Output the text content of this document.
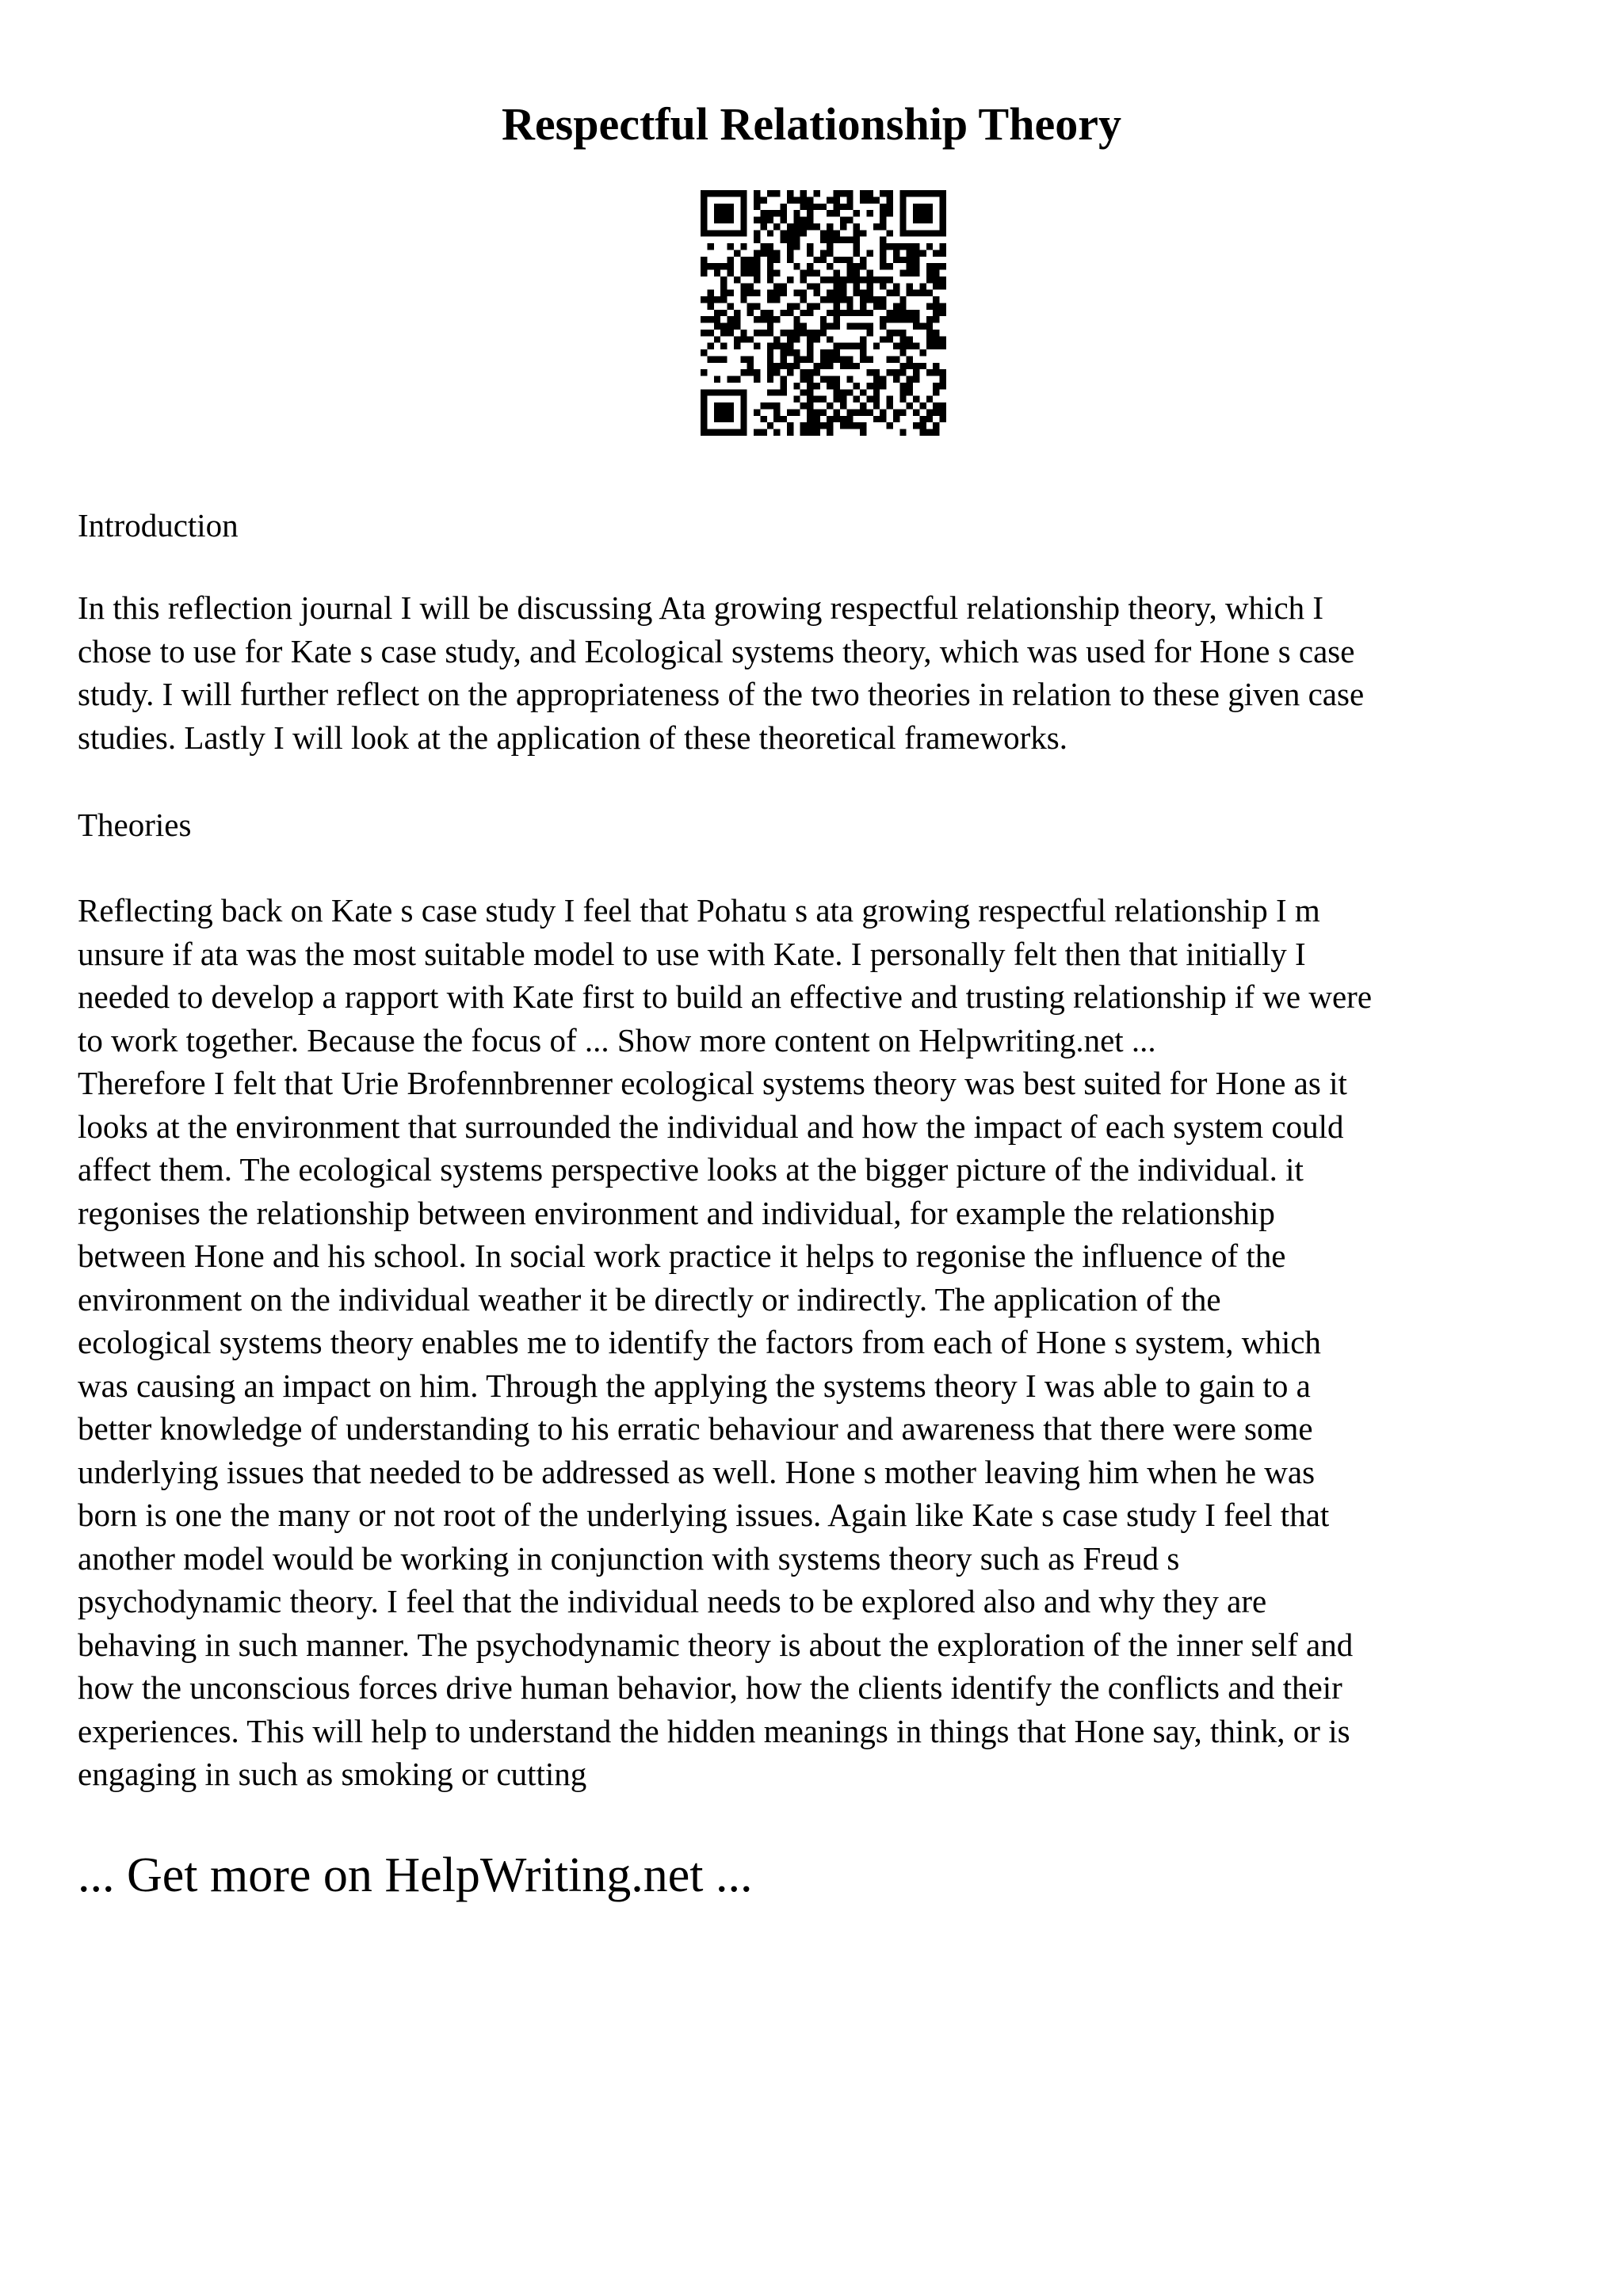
Respectful Relationship Theory

Introduction

In this reflection journal I will be discussing Ata growing respectful relationship theory, which I
chose to use for Kate s case study, and Ecological systems theory, which was used for Hone s case
study. I will further reflect on the appropriateness of the two theories in relation to these given case
studies. Lastly I will look at the application of these theoretical frameworks.

Theories

Reflecting back on Kate s case study I feel that Pohatu s ata growing respectful relationship I m
unsure if ata was the most suitable model to use with Kate. I personally felt then that initially I
needed to develop a rapport with Kate first to build an effective and trusting relationship if we were
to work together. Because the focus of ... Show more content on Helpwriting.net ...
Therefore I felt that Urie Brofennbrenner ecological systems theory was best suited for Hone as it
looks at the environment that surrounded the individual and how the impact of each system could
affect them. The ecological systems perspective looks at the bigger picture of the individual. it
regonises the relationship between environment and individual, for example the relationship
between Hone and his school. In social work practice it helps to regonise the influence of the
environment on the individual weather it be directly or indirectly. The application of the
ecological systems theory enables me to identify the factors from each of Hone s system, which
was causing an impact on him. Through the applying the systems theory I was able to gain to a
better knowledge of understanding to his erratic behaviour and awareness that there were some
underlying issues that needed to be addressed as well. Hone s mother leaving him when he was
born is one the many or not root of the underlying issues. Again like Kate s case study I feel that
another model would be working in conjunction with systems theory such as Freud s
psychodynamic theory. I feel that the individual needs to be explored also and why they are
behaving in such manner. The psychodynamic theory is about the exploration of the inner self and
how the unconscious forces drive human behavior, how the clients identify the conflicts and their
experiences. This will help to understand the hidden meanings in things that Hone say, think, or is
engaging in such as smoking or cutting

... Get more on HelpWriting.net ...
